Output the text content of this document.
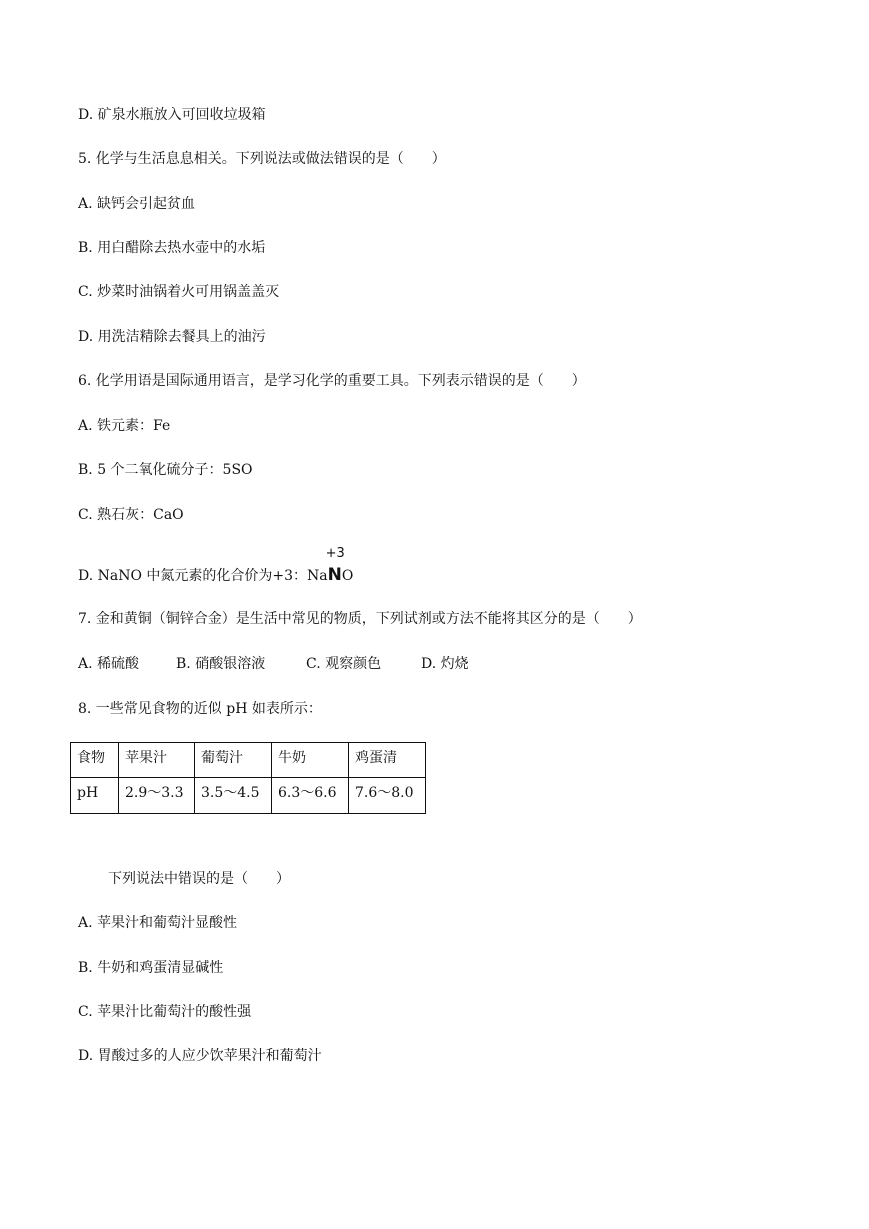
D. 矿泉水瓶放入可回收垃圾箱
5. 化学与生活息息相关。下列说法或做法错误的是（　　）
A. 缺钙会引起贫血
B. 用白醋除去热水壶中的水垢
C. 炒菜时油锅着火可用锅盖盖灭
D. 用洗洁精除去餐具上的油污
6. 化学用语是国际通用语言，是学习化学的重要工具。下列表示错误的是（　　）
A. 铁元素：Fe
B. 5 个二氧化硫分子：5SO
C. 熟石灰：CaO
D. NaNO 中氮元素的化合价为+3：Na
+3
NO
7. 金和黄铜（铜锌合金）是生活中常见的物质，下列试剂或方法不能将其区分的是（　　）
A. 稀硫酸	B. 硝酸银溶液	C. 观察颜色	D. 灼烧
8. 一些常见食物的近似 pH 如表所示：
食物	苹果汁	葡萄汁	牛奶	鸡蛋清
pH	2.9～3.3	3.5～4.5	6.3～6.6	7.6～8.0
下列说法中错误的是（　　）
A. 苹果汁和葡萄汁显酸性
B. 牛奶和鸡蛋清显碱性
C. 苹果汁比葡萄汁的酸性强
D. 胃酸过多的人应少饮苹果汁和葡萄汁
